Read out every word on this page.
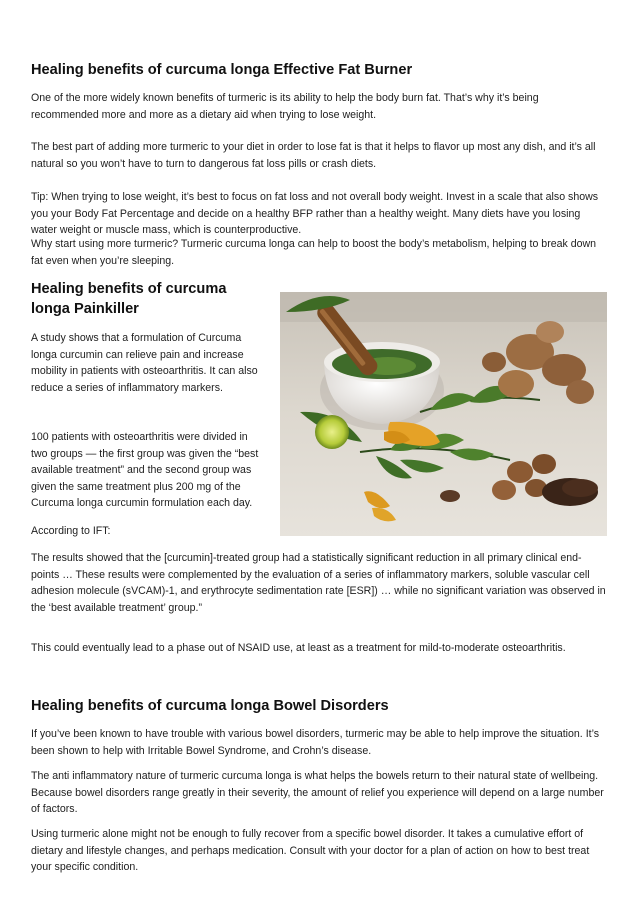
Healing benefits of curcuma longa Effective Fat Burner

One of the more widely known benefits of turmeric is its ability to help the body burn fat. That’s why it’s being recommended more and more as a dietary aid when trying to lose weight.

The best part of adding more turmeric to your diet in order to lose fat is that it helps to flavor up most any dish, and it’s all natural so you won’t have to turn to dangerous fat loss pills or crash diets.

Tip: When trying to lose weight, it’s best to focus on fat loss and not overall body weight. Invest in a scale that also shows you your Body Fat Percentage and decide on a healthy BFP rather than a healthy weight. Many diets have you losing water weight or muscle mass, which is counterproductive.

Why start using more turmeric? Turmeric curcuma longa can help to boost the body’s metabolism, helping to break down fat even when you’re sleeping.

Healing benefits of curcuma longa Painkiller

A study shows that a formulation of Curcuma longa curcumin can relieve pain and increase mobility in patients with osteoarthritis. It can also reduce a series of inflammatory markers.

100 patients with osteoarthritis were divided in two groups — the first group was given the “best available treatment” and the second group was given the same treatment plus 200 mg of the Curcuma longa curcumin formulation each day.

According to IFT:

The results showed that the [curcumin]-treated group had a statistically significant reduction in all primary clinical end-points … These results were complemented by the evaluation of a series of inflammatory markers, soluble vascular cell adhesion molecule (sVCAM)-1, and erythrocyte sedimentation rate [ESR]) … while no significant variation was observed in the ‘best available treatment’ group.”

This could eventually lead to a phase out of NSAID use, at least as a treatment for mild-to-moderate osteoarthritis.

Healing benefits of curcuma longa Bowel Disorders

If you’ve been known to have trouble with various bowel disorders, turmeric may be able to help improve the situation. It’s been shown to help with Irritable Bowel Syndrome, and Crohn’s disease.

The anti inflammatory nature of turmeric curcuma longa is what helps the bowels return to their natural state of wellbeing. Because bowel disorders range greatly in their severity, the amount of relief you experience will depend on a large number of factors.

Using turmeric alone might not be enough to fully recover from a specific bowel disorder. It takes a cumulative effort of dietary and lifestyle changes, and perhaps medication. Consult with your doctor for a plan of action on how to best treat your specific condition.
